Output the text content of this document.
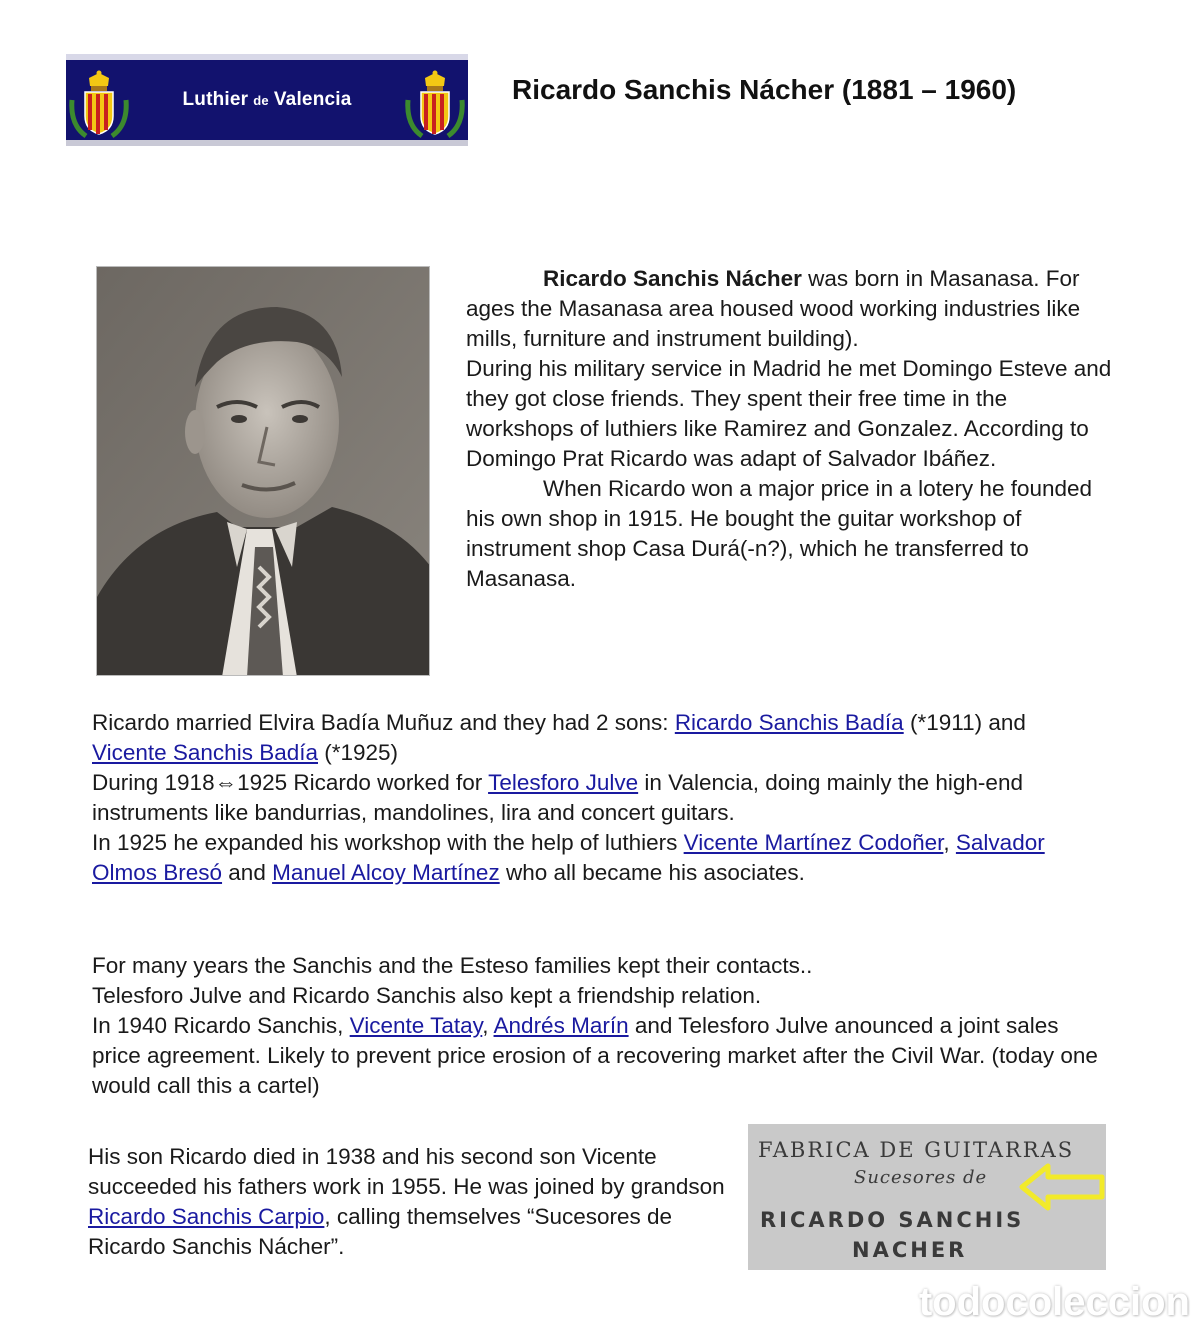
Luthier de Valencia	Ricardo Sanchis Nácher (1881 – 1960)

Ricardo Sanchis Nácher was born in Masanasa. For ages the Masanasa area housed wood working industries like mills, furniture and instrument building).

During his military service in Madrid he met Domingo Esteve and they got close friends. They spent their free time in the workshops of luthiers like Ramirez and Gonzalez. According to Domingo Prat Ricardo was adapt of Salvador Ibáñez.

When Ricardo won a major price in a lotery he founded his own shop in 1915. He bought the guitar workshop of instrument shop Casa Durá(-n?), which he transferred to Masanasa.

Ricardo married Elvira Badía Muñuz and they had 2 sons: Ricardo Sanchis Badía (*1911) and Vicente Sanchis Badía (*1925)

During 1918⇔1925 Ricardo worked for Telesforo Julve in Valencia, doing mainly the high-end instruments like bandurrias, mandolines, lira and concert guitars.

In 1925 he expanded his workshop with the help of luthiers Vicente Martínez Codoñer, Salvador Olmos Bresó and Manuel Alcoy Martínez who all became his asociates.

For many years the Sanchis and the Esteso families kept their contacts..

Telesforo Julve and Ricardo Sanchis also kept a friendship relation.

In 1940 Ricardo Sanchis, Vicente Tatay, Andrés Marín and Telesforo Julve anounced a joint sales price agreement. Likely to prevent price erosion of a recovering market after the Civil War. (today one would call this a cartel)

His son Ricardo died in 1938 and his second son Vicente succeeded his fathers work in 1955. He was joined by grandson Ricardo Sanchis Carpio, calling themselves “Sucesores de Ricardo Sanchis Nácher”.

FABRICA DE GUITARRAS
Sucesores de
RICARDO SANCHIS
NACHER
todocoleccion
